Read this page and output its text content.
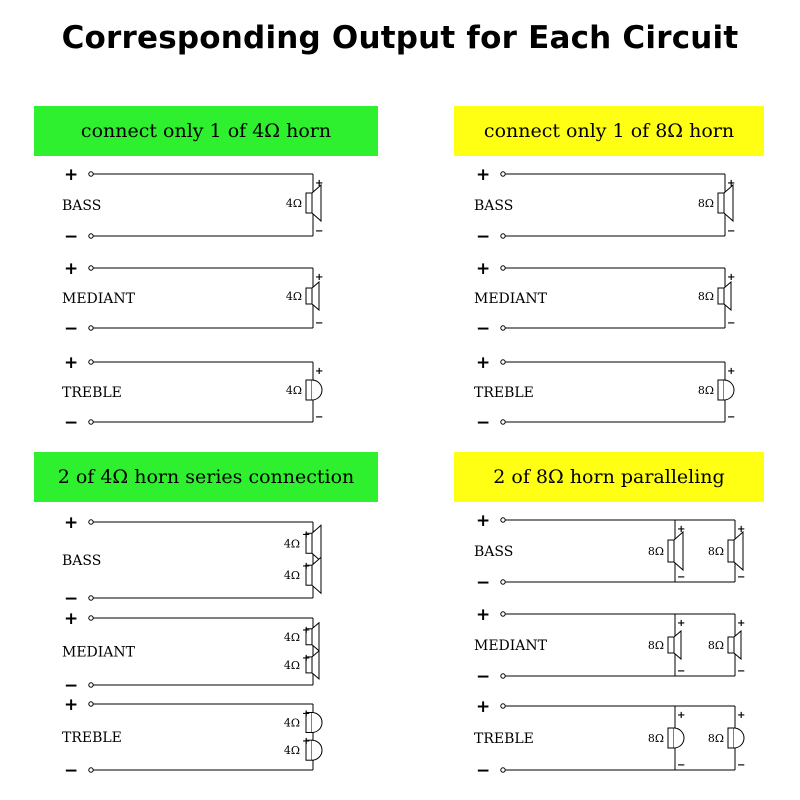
Corresponding Output for Each Circuit
connect only 1 of 4Ω horn	connect only 1 of 8Ω horn
2 of 4Ω horn series connection	2 of 8Ω horn paralleling
+
−
BASS	4Ω
+
−
+
−
MEDIANT	4Ω
+
−
+
−
TREBLE	4Ω
+
−
+
−
BASS	8Ω
+
−
+
−
MEDIANT	8Ω
+
−
+
−
TREBLE	8Ω
+
−
+
−
BASS
4Ω
+
4Ω
+
+
−
MEDIANT
4Ω
+
4Ω
+
+
−
TREBLE
4Ω
+
4Ω
+
+
−
BASS	8Ω
+
−
8Ω
+
−
+
−
MEDIANT	8Ω
+
−
8Ω
+
−
+
−
TREBLE	8Ω
+
−
8Ω
+
−
